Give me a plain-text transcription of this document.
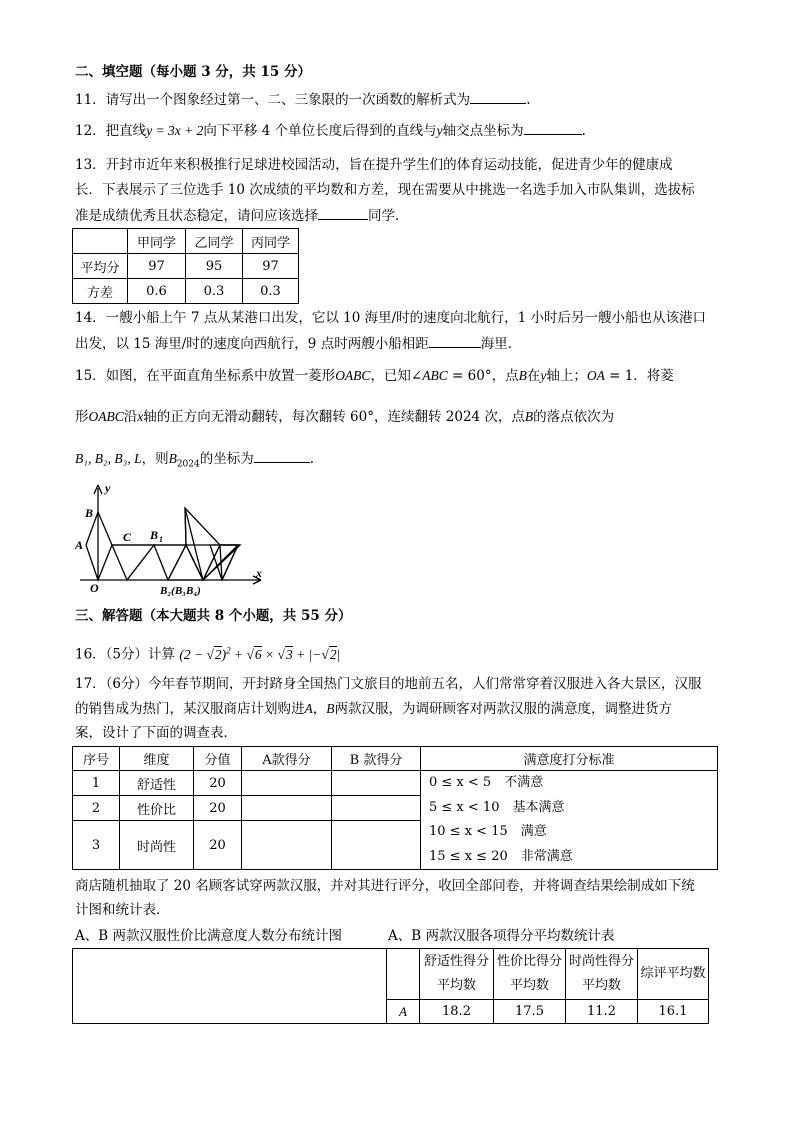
二、填空题（每小题 3 分，共 15 分）
11．请写出一个图象经过第一、二、三象限的一次函数的解析式为	.
12．把直线y = 3x + 2向下平移 4 个单位长度后得到的直线与y轴交点坐标为	.
13．开封市近年来积极推行足球进校园活动，旨在提升学生们的体育运动技能，促进青少年的健康成
长．下表展示了三位选手 10 次成绩的平均数和方差，现在需要从中挑选一名选手加入市队集训，选拔标
准是成绩优秀且状态稳定，请问应该选择	同学．
	甲同学	乙同学	丙同学
平均分	97	95	97
方差	0.6	0.3	0.3
14．一艘小船上午 7 点从某港口出发，它以 10 海里/时的速度向北航行，1 小时后另一艘小船也从该港口
出发，以 15 海里/时的速度向西航行，9 点时两艘小船相距	海里．
15．如图，在平面直角坐标系中放置一菱形OABC，已知∠ABC = 60°，点B在y轴上；OA = 1．将菱
形OABC沿x轴的正方向无滑动翻转，每次翻转 60°，连续翻转 2024 次，点B的落点依次为
B₁, B₂, B₃, L，则$B_{2024}$的坐标为	.
y
x
B
A
C B 1
O	B₂(B₃B₄)
三、解答题（本大题共 8 个小题，共 55 分）
16．（5分）计算 $(2 - √2)^2 + √6 \times √3 + |-√2|$
17．（6分）今年春节期间，开封跻身全国热门文旅目的地前五名，人们常常穿着汉服进入各大景区，汉服
的销售成为热门，某汉服商店计划购进A，B两款汉服，为调研顾客对两款汉服的满意度，调整进货方
案，设计了下面的调查表．
序号	维度	分值	A款得分	B 款得分	满意度打分标准
1	舒适性	20			0 ≤ x < 5　不满意
5 ≤ x < 10　基本满意
10 ≤ x < 15　满意
15 ≤ x ≤ 20　非常满意

2	性价比	20			
3	时尚性	20			
商店随机抽取了 20 名顾客试穿两款汉服，并对其进行评分，收回全部问卷，并将调查结果绘制成如下统
计图和统计表．
A、B 两款汉服性价比满意度人数分布统计图	A、B 两款汉服各项得分平均数统计表
		舒适性得分平均数	性价比得分平均数	时尚性得分平均数	综评平均数
	A	18.2	17.5	11.2	16.1
